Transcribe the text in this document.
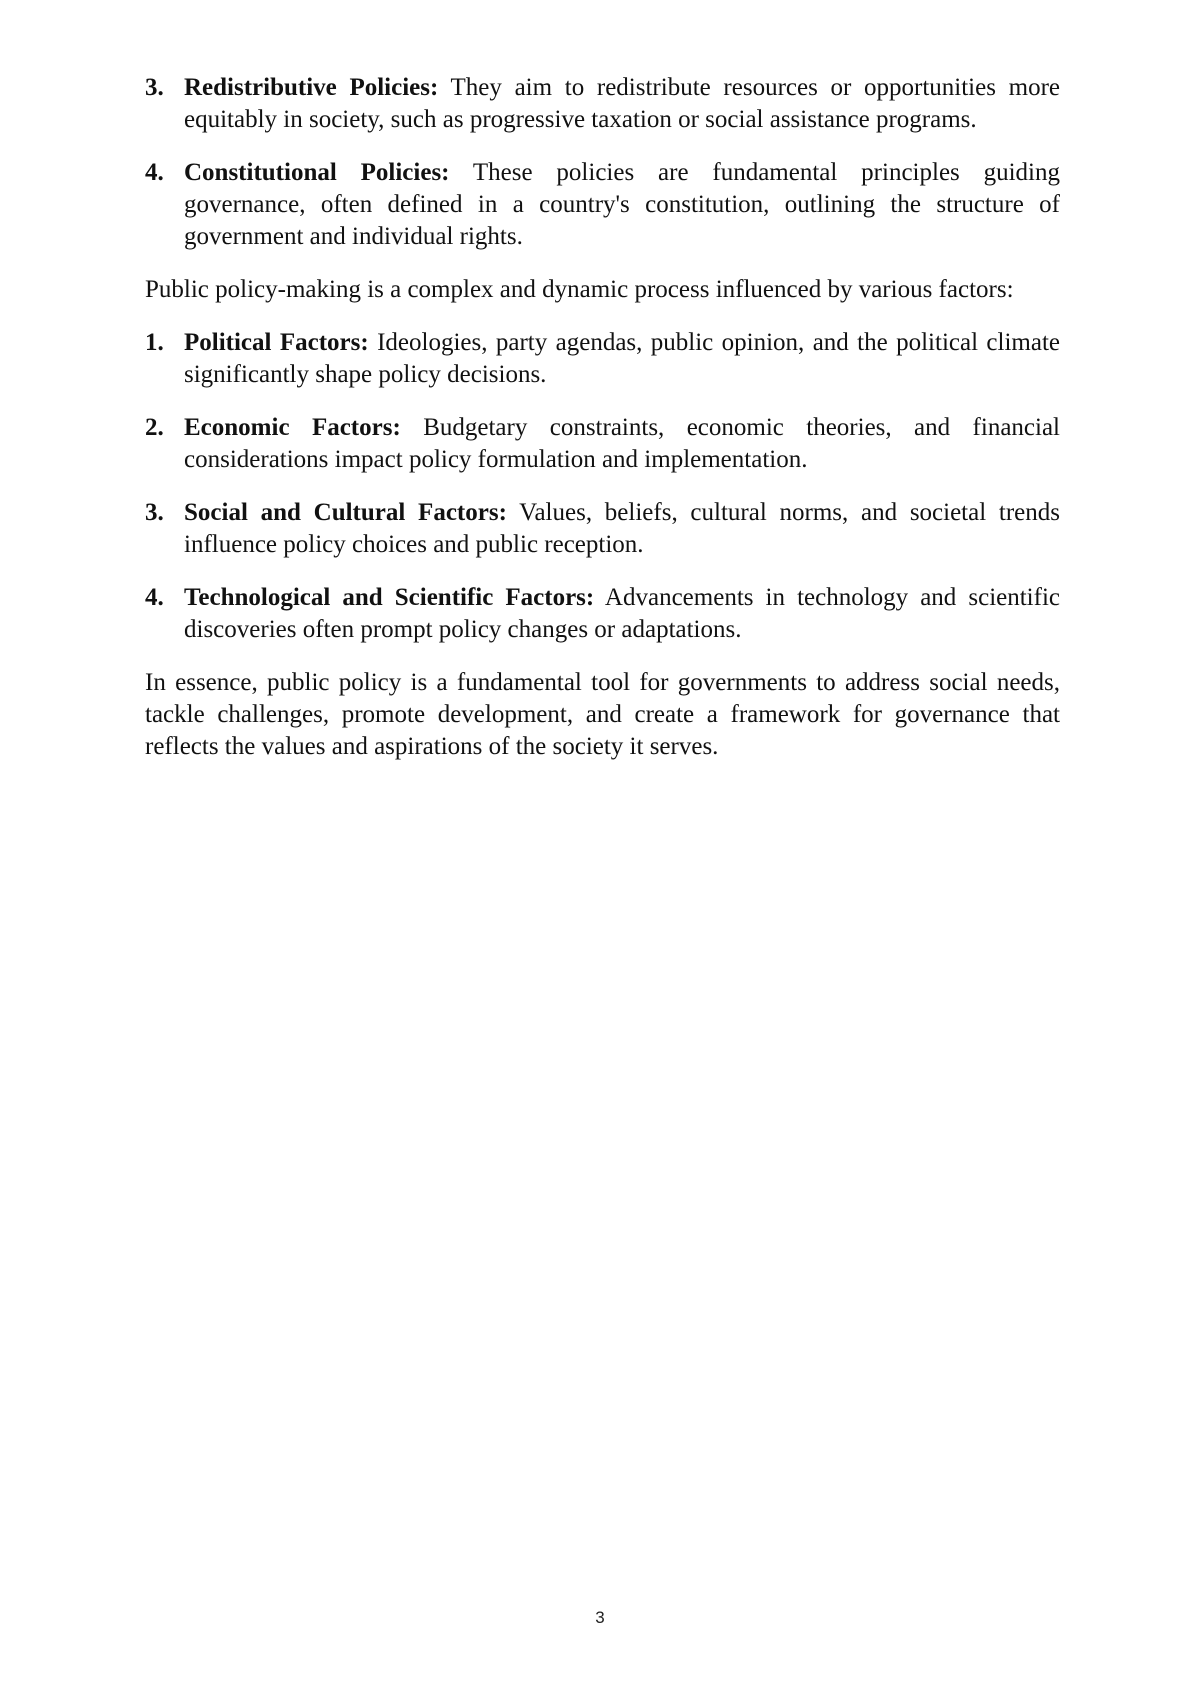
3. Redistributive Policies: They aim to redistribute resources or opportunities more equitably in society, such as progressive taxation or social assistance programs.
4. Constitutional Policies: These policies are fundamental principles guiding governance, often defined in a country's constitution, outlining the structure of government and individual rights.

Public policy-making is a complex and dynamic process influenced by various factors:

1. Political Factors: Ideologies, party agendas, public opinion, and the political climate significantly shape policy decisions.
2. Economic Factors: Budgetary constraints, economic theories, and financial considerations impact policy formulation and implementation.
3. Social and Cultural Factors: Values, beliefs, cultural norms, and societal trends influence policy choices and public reception.
4. Technological and Scientific Factors: Advancements in technology and scientific discoveries often prompt policy changes or adaptations.

In essence, public policy is a fundamental tool for governments to address social needs, tackle challenges, promote development, and create a framework for governance that reflects the values and aspirations of the society it serves.

3
